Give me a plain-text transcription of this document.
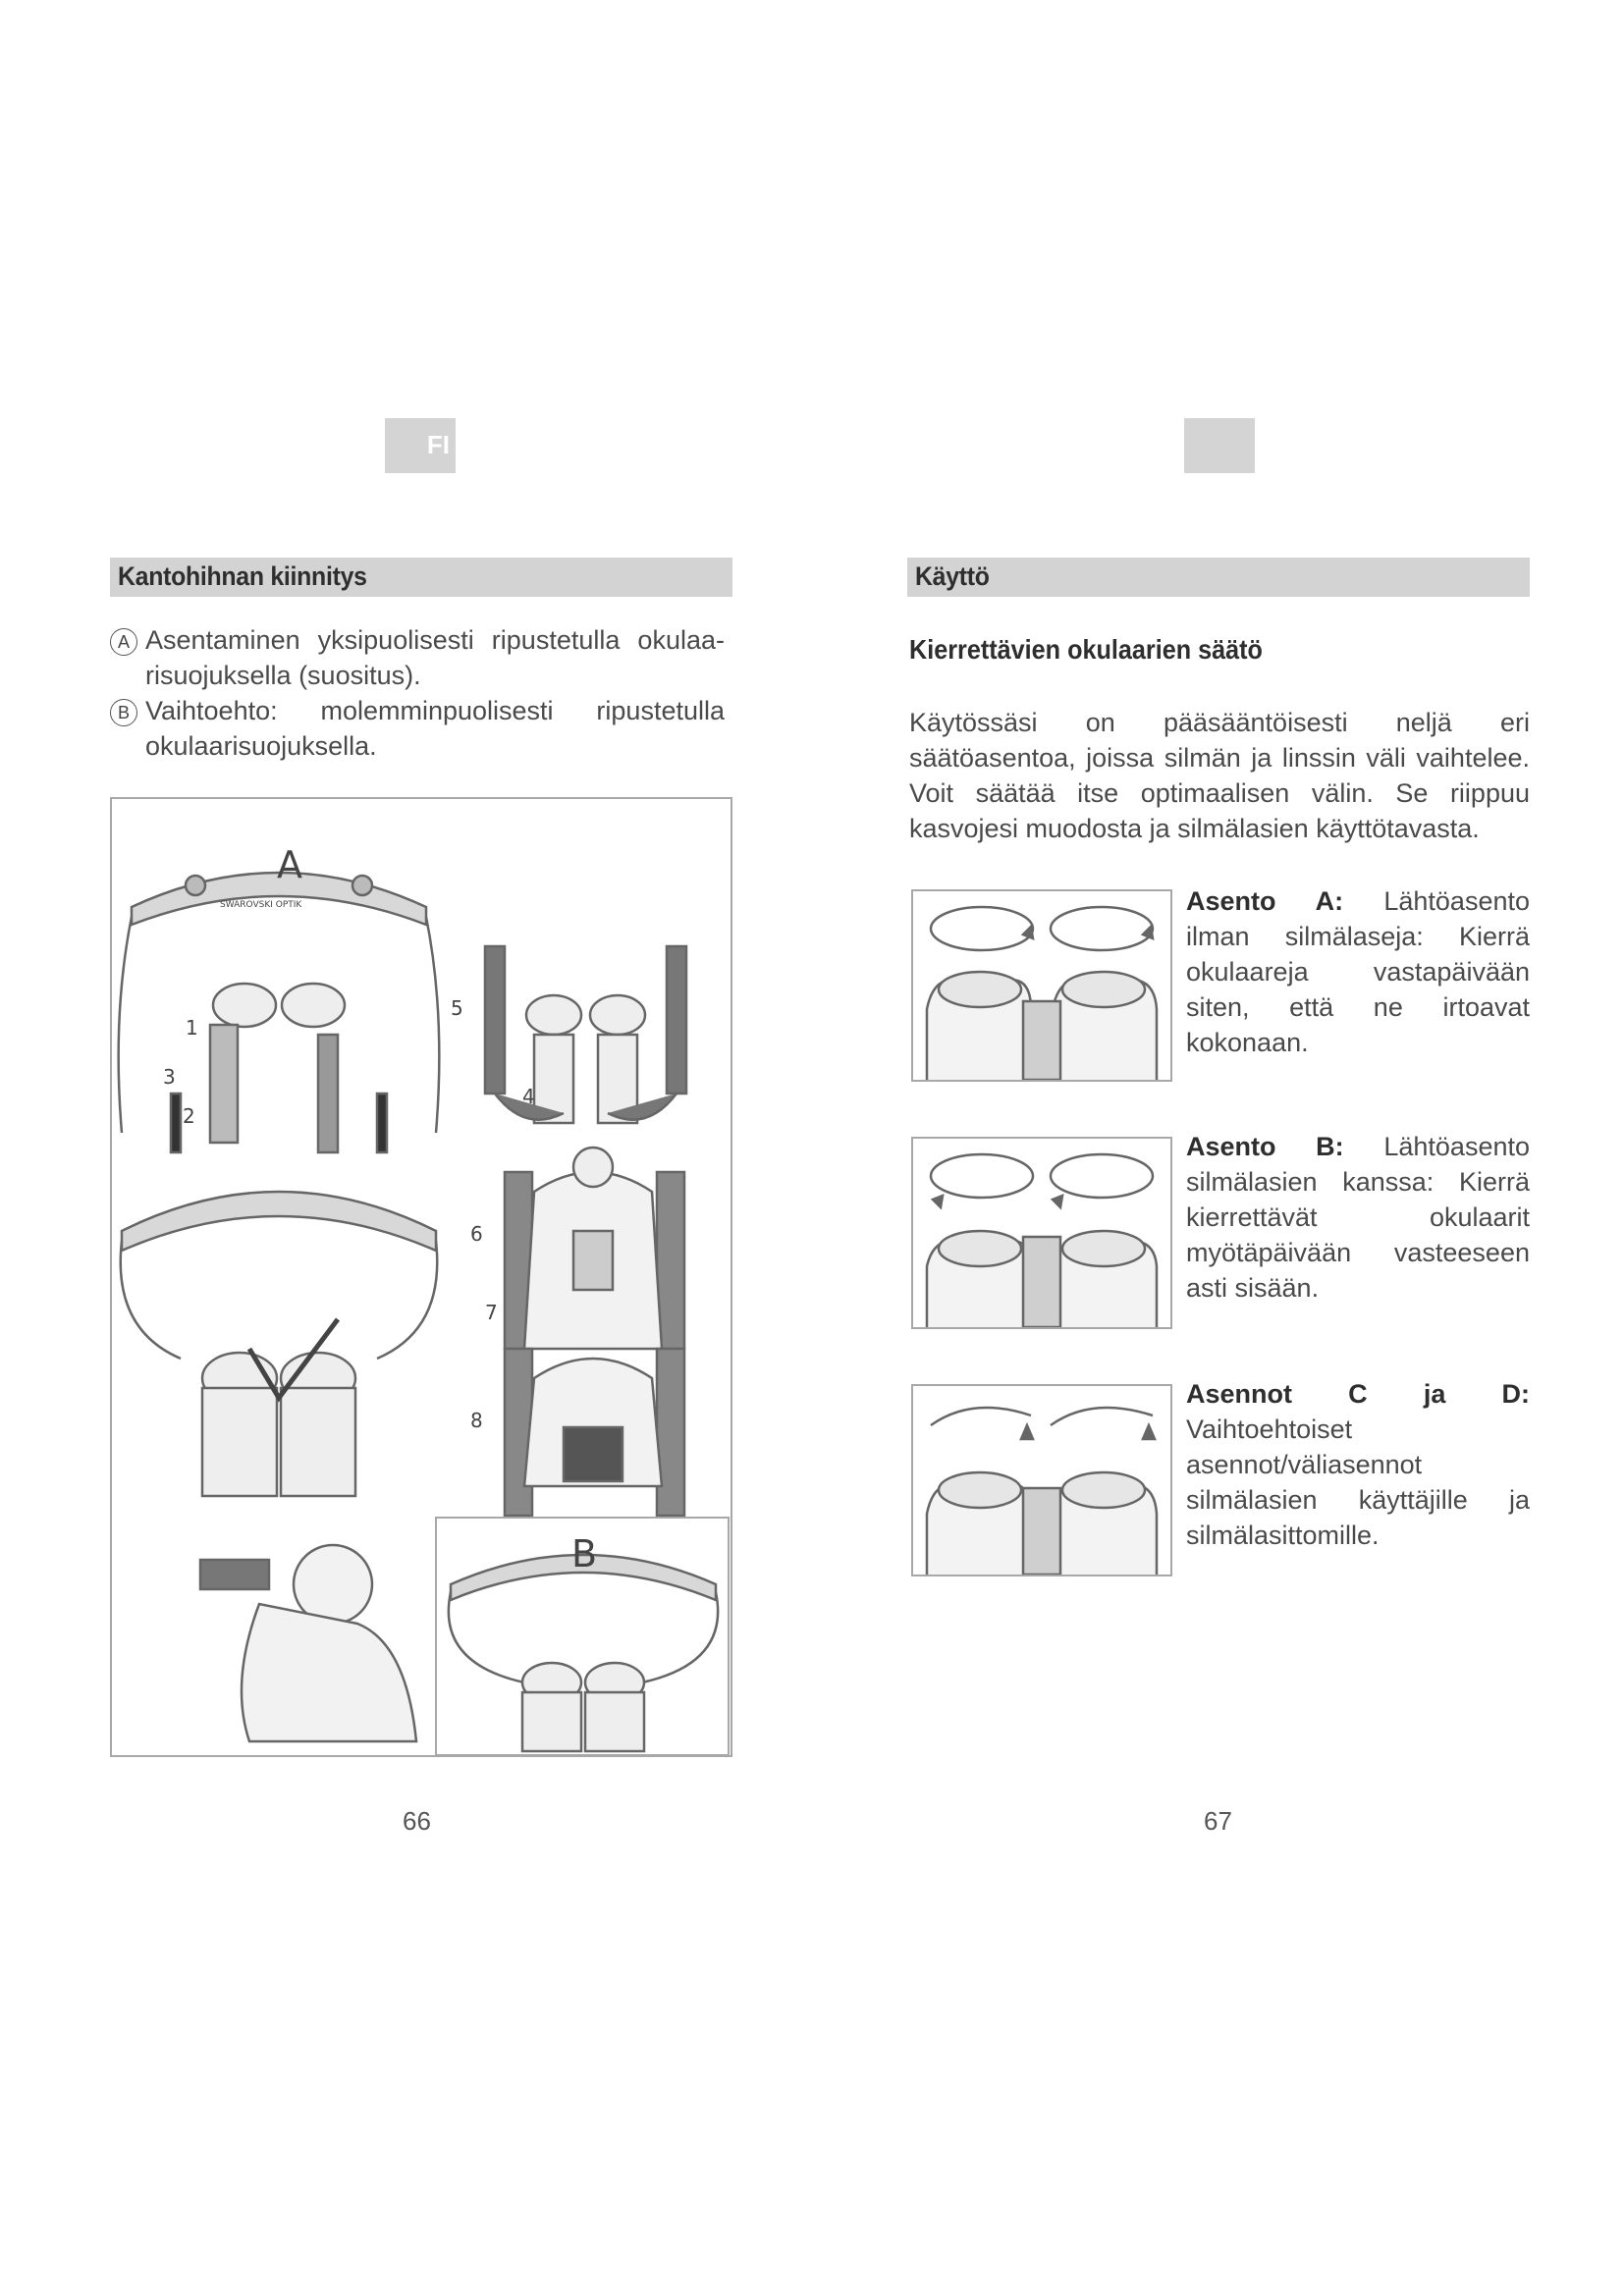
FI
Kantohihnan kiinnitys
A Asentaminen yksipuolisesti ripustetulla okulaa-risuojuksella (suositus).
B Vaihtoehto: molemminpuolisesti ripustetulla okulaarisuojuksella.
A
B
1
2
3
4
5
6
7
8
SWAROVSKI OPTIK
66
Käyttö
Kierrettävien okulaarien säätö
Käytössäsi on pääsääntöisesti neljä eri säätöasentoa, joissa silmän ja linssin väli vaihtelee. Voit säätää itse optimaalisen välin. Se riippuu kasvojesi muodosta ja silmälasien käyttötavasta.
Asento A: Lähtöasento ilman silmälaseja: Kierrä okulaareja vastapäivään siten, että ne irtoavat kokonaan.
Asento B: Lähtöasento silmälasien kanssa: Kierrä kierrettävät okulaarit myötäpäivään vasteeseen asti sisään.
Asennot C ja D: Vaihtoehtoiset asennot/väliasennot silmälasien käyttäjille ja silmälasittomille.
67
